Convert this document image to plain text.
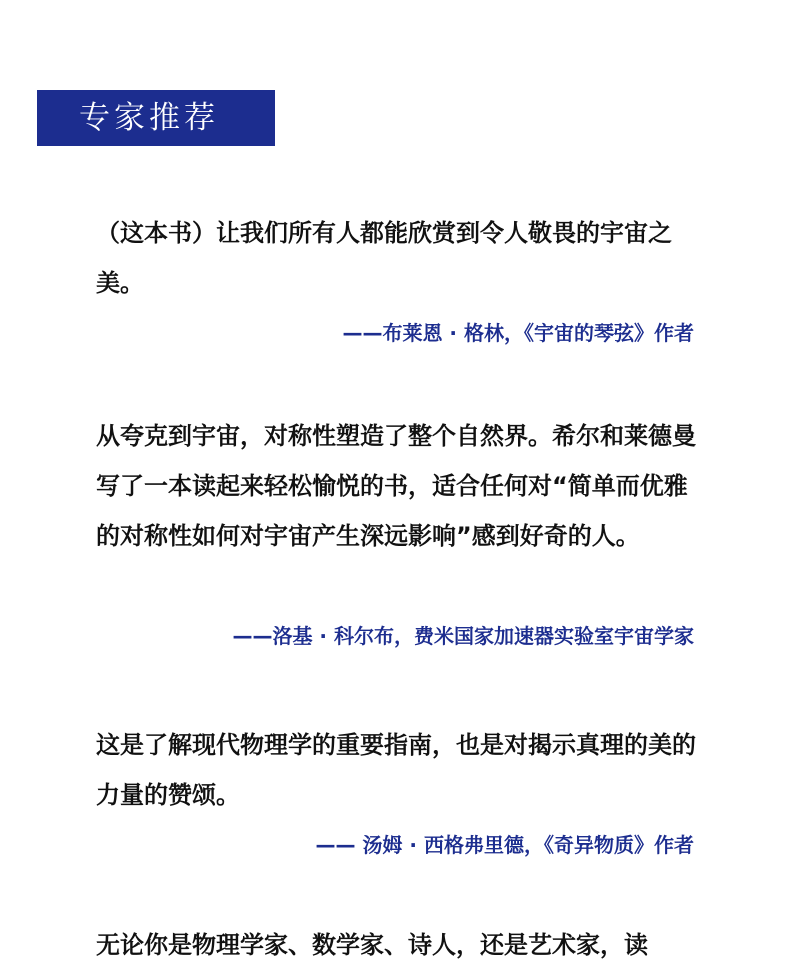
专家推荐

（这本书）让我们所有人都能欣赏到令人敬畏的宇宙之美。

——布莱恩 · 格林，《宇宙的琴弦》作者

从夸克到宇宙，对称性塑造了整个自然界。希尔和莱德曼写了一本读起来轻松愉悦的书，适合任何对“简单而优雅的对称性如何对宇宙产生深远影响”感到好奇的人。

——洛基 · 科尔布，费米国家加速器实验室宇宙学家

这是了解现代物理学的重要指南，也是对揭示真理的美的力量的赞颂。

—— 汤姆 · 西格弗里德，《奇异物质》作者

无论你是物理学家、数学家、诗人，还是艺术家，读
